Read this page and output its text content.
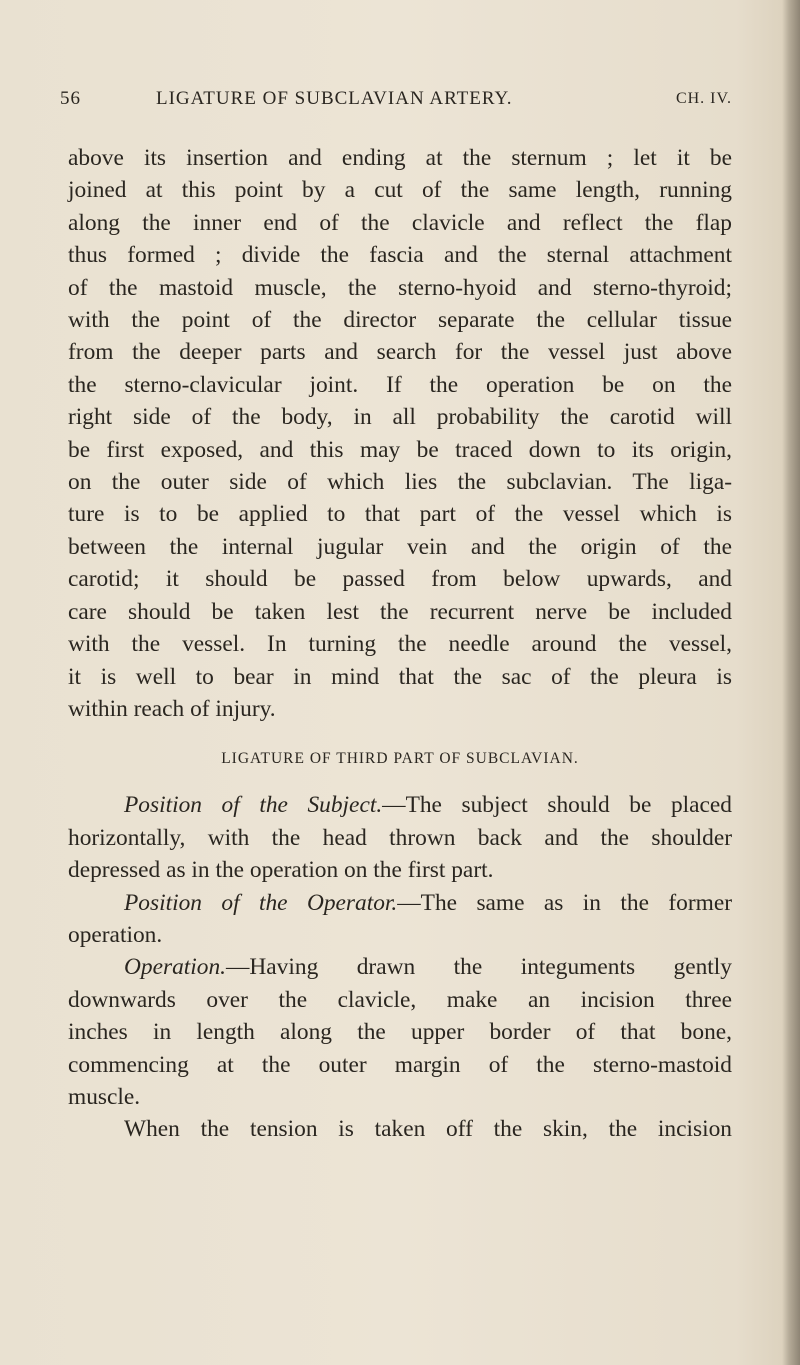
56	LIGATURE OF SUBCLAVIAN ARTERY.	CH. IV.
above its insertion and ending at the sternum ; let it be
joined at this point by a cut of the same length, running
along the inner end of the clavicle and reflect the flap
thus formed ; divide the fascia and the sternal attachment
of the mastoid muscle, the sterno-hyoid and sterno-thyroid;
with the point of the director separate the cellular tissue
from the deeper parts and search for the vessel just above
the sterno-clavicular joint. If the operation be on the
right side of the body, in all probability the carotid will
be first exposed, and this may be traced down to its origin,
on the outer side of which lies the subclavian. The liga-
ture is to be applied to that part of the vessel which is
between the internal jugular vein and the origin of the
carotid; it should be passed from below upwards, and
care should be taken lest the recurrent nerve be included
with the vessel. In turning the needle around the vessel,
it is well to bear in mind that the sac of the pleura is
within reach of injury.
LIGATURE OF THIRD PART OF SUBCLAVIAN.
Position of the Subject.—The subject should be placed
horizontally, with the head thrown back and the shoulder
depressed as in the operation on the first part.
Position of the Operator.—The same as in the former
operation.
Operation.—Having drawn the integuments gently
downwards over the clavicle, make an incision three
inches in length along the upper border of that bone,
commencing at the outer margin of the sterno-mastoid
muscle.
When the tension is taken off the skin, the incision
